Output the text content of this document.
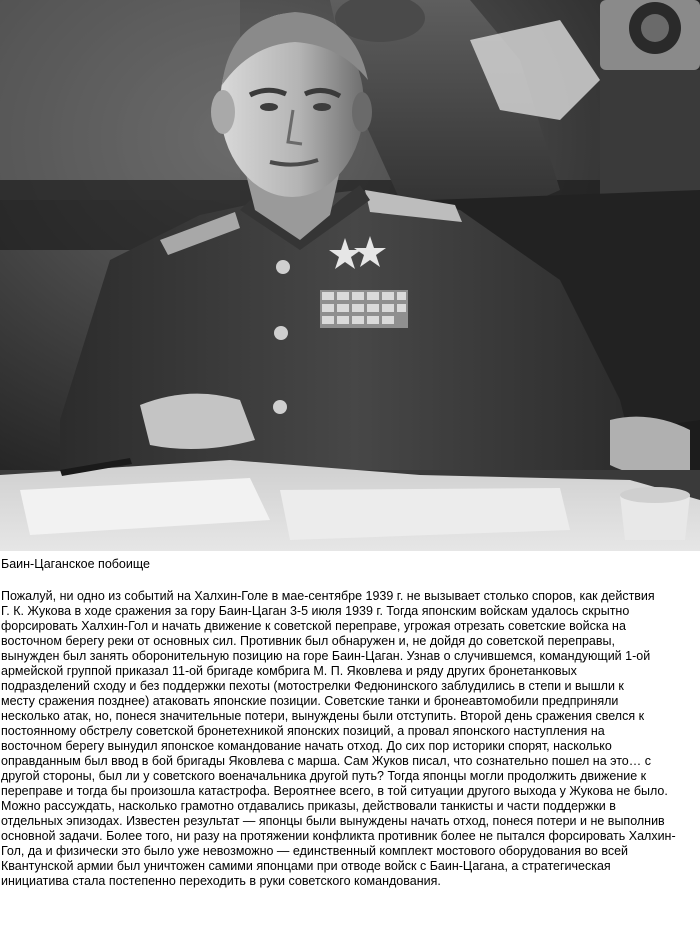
Баин-Цаганское побоище
Пожалуй, ни одно из событий на Халхин-Голе в мае-сентябре 1939 г. не вызывает столько споров, как действия
Г. К. Жукова в ходе сражения за гору Баин-Цаган 3-5 июля 1939 г. Тогда японским войскам удалось скрытно
форсировать Халхин-Гол и начать движение к советской переправе, угрожая отрезать советские войска на
восточном берегу реки от основных сил. Противник был обнаружен и, не дойдя до советской переправы,
вынужден был занять оборонительную позицию на горе Баин-Цаган. Узнав о случившемся, командующий 1-ой
армейской группой приказал 11-ой бригаде комбрига М. П. Яковлева и ряду других бронетанковых
подразделений сходу и без поддержки пехоты (мотострелки Федюнинского заблудились в степи и вышли к
месту сражения позднее) атаковать японские позиции. Советские танки и бронеавтомобили предприняли
несколько атак, но, понеся значительные потери, вынуждены были отступить. Второй день сражения свелся к
постоянному обстрелу советской бронетехникой японских позиций, а провал японского наступления на
восточном берегу вынудил японское командование начать отход. До сих пор историки спорят, насколько
оправданным был ввод в бой бригады Яковлева с марша. Сам Жуков писал, что сознательно пошел на это… с
другой стороны, был ли у советского военачальника другой путь? Тогда японцы могли продолжить движение к
переправе и тогда бы произошла катастрофа. Вероятнее всего, в той ситуации другого выхода у Жукова не было.
Можно рассуждать, насколько грамотно отдавались приказы, действовали танкисты и части поддержки в
отдельных эпизодах. Известен результат — японцы были вынуждены начать отход, понеся потери и не выполнив
основной задачи. Более того, ни разу на протяжении конфликта противник более не пытался форсировать Халхин-
Гол, да и физически это было уже невозможно — единственный комплект мостового оборудования во всей
Квантунской армии был уничтожен самими японцами при отводе войск с Баин-Цагана, а стратегическая
инициатива стала постепенно переходить в руки советского командования.
